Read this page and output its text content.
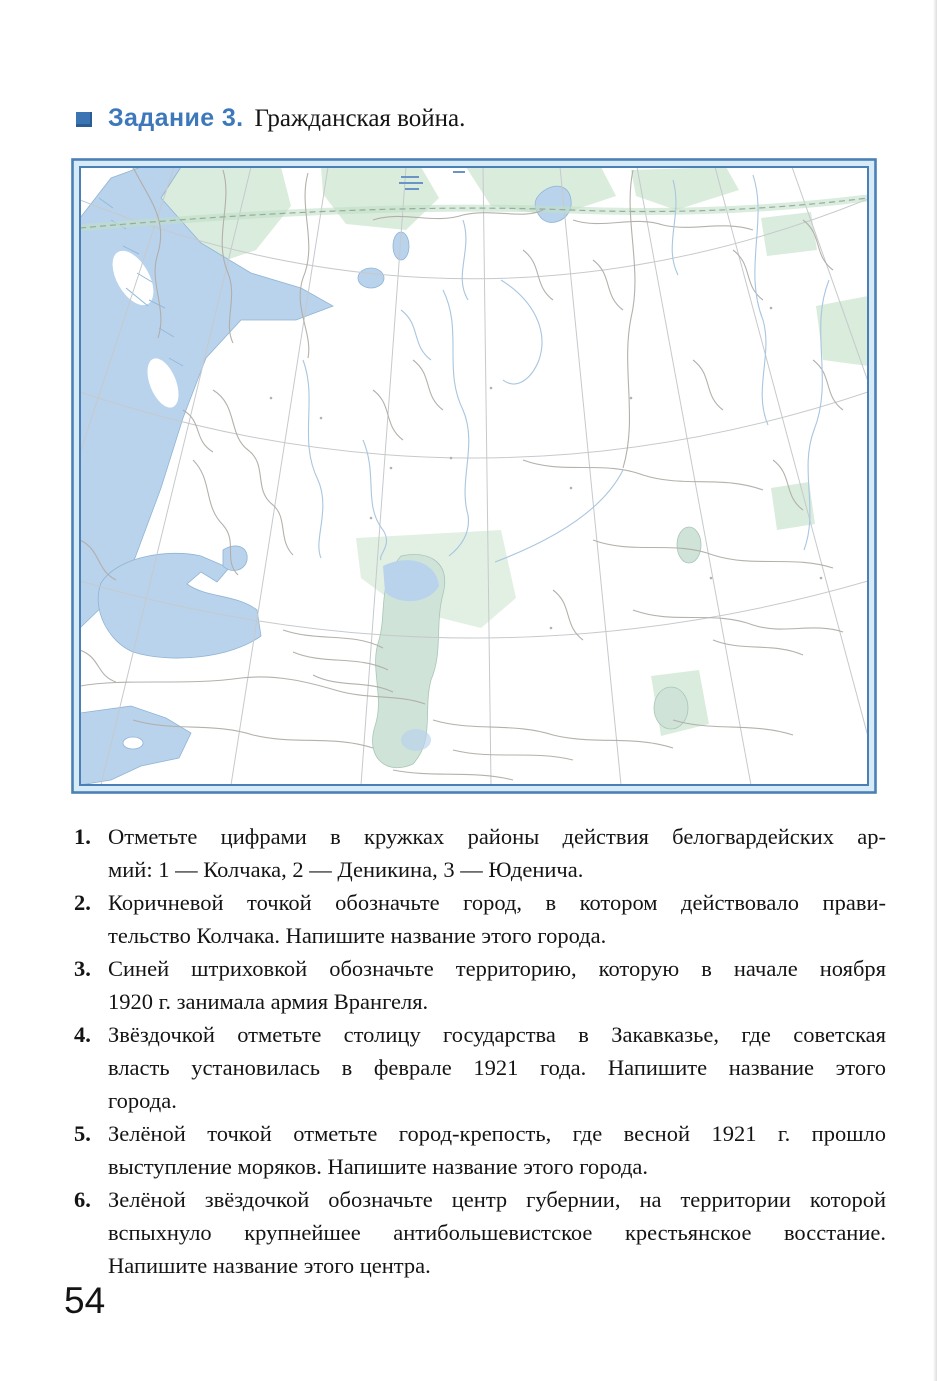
Задание 3. Гражданская война.
1. Отметьте цифрами в кружках районы действия белогвардейских ар-
мий: 1 — Колчака, 2 — Деникина, 3 — Юденича.
2. Коричневой точкой обозначьте город, в котором действовало прави-
тельство Колчака. Напишите название этого города.
3. Синей штриховкой обозначьте территорию, которую в начале ноября
1920 г. занимала армия Врангеля.
4. Звёздочкой отметьте столицу государства в Закавказье, где советская
власть установилась в феврале 1921 года. Напишите название этого
города.
5. Зелёной точкой отметьте город-крепость, где весной 1921 г. прошло
выступление моряков. Напишите название этого города.
6. Зелёной звёздочкой обозначьте центр губернии, на территории которой
вспыхнуло крупнейшее антибольшевистское крестьянское восстание.
Напишите название этого центра.
54
